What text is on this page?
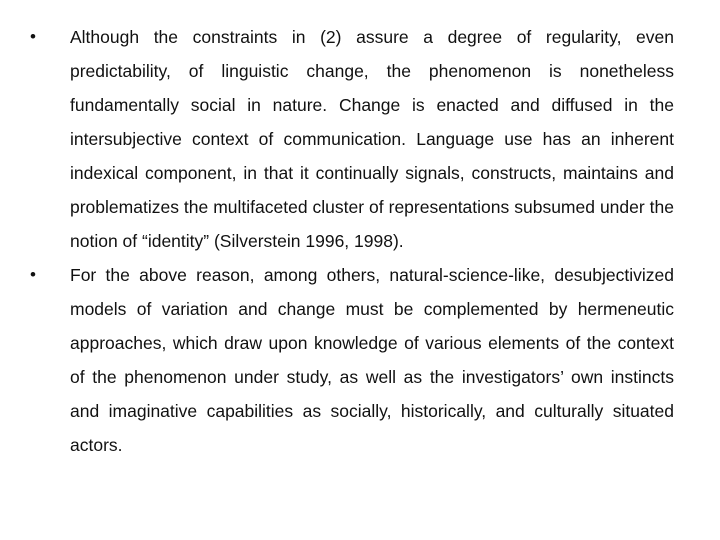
• Although the constraints in (2) assure a degree of regularity, even predictability, of linguistic change, the phenomenon is nonetheless fundamentally social in nature. Change is enacted and diffused in the intersubjective context of communication. Language use has an inherent indexical component, in that it continually signals, constructs, maintains and problematizes the multifaceted cluster of representations subsumed under the notion of “identity” (Silverstein 1996, 1998).
• For the above reason, among others, natural-science-like, desubjectivized models of variation and change must be complemented by hermeneutic approaches, which draw upon knowledge of various elements of the context of the phenomenon under study, as well as the investigators’ own instincts and imaginative capabilities as socially, historically, and culturally situated actors.
